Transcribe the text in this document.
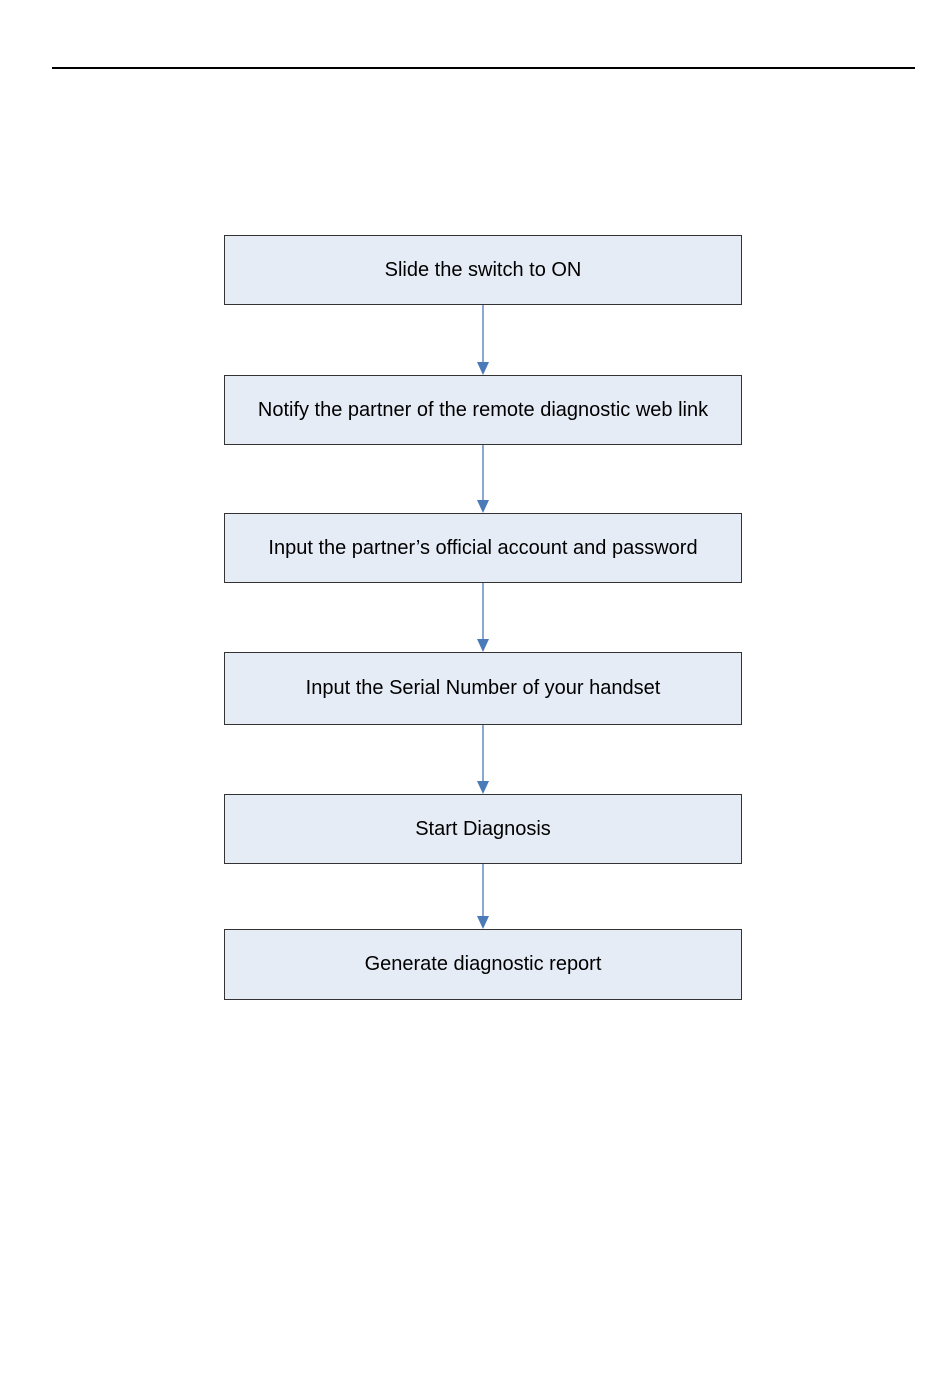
Slide the switch to ON
Notify the partner of the remote diagnostic web link
Input the partner’s official account and password
Input the Serial Number of your handset
Start Diagnosis
Generate diagnostic report
